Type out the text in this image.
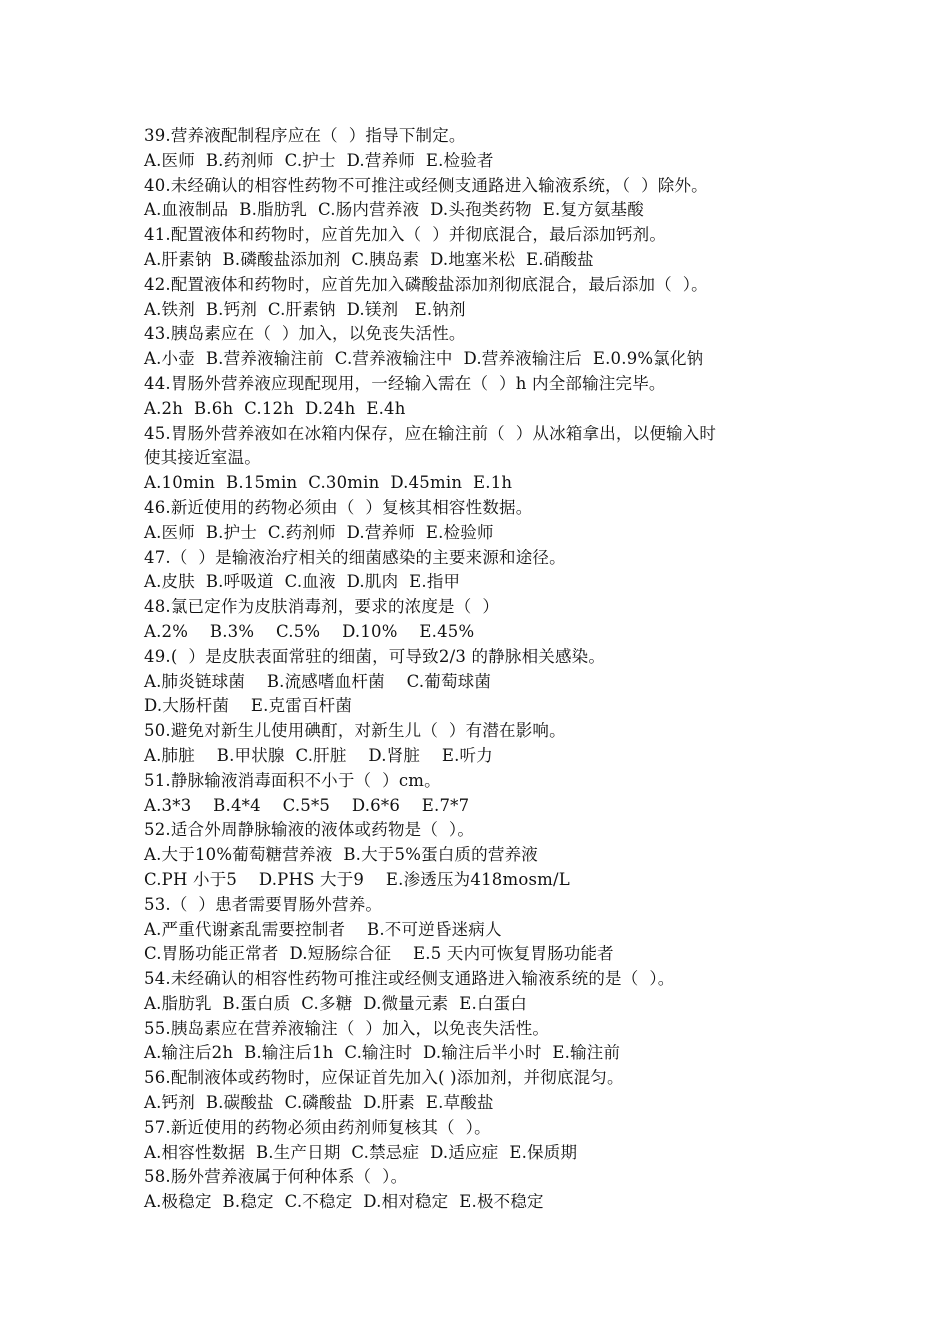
39.营养液配制程序应在（  ）指导下制定。
A.医师  B.药剂师  C.护士  D.营养师  E.检验者
40.未经确认的相容性药物不可推注或经侧支通路进入输液系统，（  ）除外。
A.血液制品  B.脂肪乳  C.肠内营养液  D.头孢类药物  E.复方氨基酸
41.配置液体和药物时，应首先加入（  ）并彻底混合，最后添加钙剂。
A.肝素钠  B.磷酸盐添加剂  C.胰岛素  D.地塞米松  E.硝酸盐
42.配置液体和药物时，应首先加入磷酸盐添加剂彻底混合，最后添加（  ）。
A.铁剂  B.钙剂  C.肝素钠  D.镁剂   E.钠剂
43.胰岛素应在（  ）加入，以免丧失活性。
A.小壶  B.营养液输注前  C.营养液输注中  D.营养液输注后  E.0.9%氯化钠
44.胃肠外营养液应现配现用，一经输入需在（  ）h 内全部输注完毕。
A.2h  B.6h  C.12h  D.24h  E.4h
45.胃肠外营养液如在冰箱内保存，应在输注前（  ）从冰箱拿出，以便输入时
使其接近室温。
A.10min  B.15min  C.30min  D.45min  E.1h
46.新近使用的药物必须由（  ）复核其相容性数据。
A.医师  B.护士  C.药剂师  D.营养师  E.检验师
47.（  ）是输液治疗相关的细菌感染的主要来源和途径。
A.皮肤  B.呼吸道  C.血液  D.肌肉  E.指甲
48.氯已定作为皮肤消毒剂，要求的浓度是（  ）
A.2%    B.3%    C.5%    D.10%    E.45%
49.(  ）是皮肤表面常驻的细菌，可导致2/3 的静脉相关感染。
A.肺炎链球菌    B.流感嗜血杆菌    C.葡萄球菌
D.大肠杆菌    E.克雷百杆菌
50.避免对新生儿使用碘酊，对新生儿（  ）有潜在影响。
A.肺脏    B.甲状腺  C.肝脏    D.肾脏    E.听力
51.静脉输液消毒面积不小于（  ）cm。
A.3*3    B.4*4    C.5*5    D.6*6    E.7*7
52.适合外周静脉输液的液体或药物是（  ）。
A.大于10%葡萄糖营养液  B.大于5%蛋白质的营养液
C.PH 小于5    D.PHS 大于9    E.渗透压为418mosm/L
53.（  ）患者需要胃肠外营养。
A.严重代谢紊乱需要控制者    B.不可逆昏迷病人
C.胃肠功能正常者  D.短肠综合征    E.5 天内可恢复胃肠功能者
54.未经确认的相容性药物可推注或经侧支通路进入输液系统的是（  ）。
A.脂肪乳  B.蛋白质  C.多糖  D.微量元素  E.白蛋白
55.胰岛素应在营养液输注（  ）加入，以免丧失活性。
A.输注后2h  B.输注后1h  C.输注时  D.输注后半小时  E.输注前
56.配制液体或药物时，应保证首先加入( )添加剂，并彻底混匀。
A.钙剂  B.碳酸盐  C.磷酸盐  D.肝素  E.草酸盐
57.新近使用的药物必须由药剂师复核其（  ）。
A.相容性数据  B.生产日期  C.禁忌症  D.适应症  E.保质期
58.肠外营养液属于何种体系（  ）。
A.极稳定  B.稳定  C.不稳定  D.相对稳定  E.极不稳定
